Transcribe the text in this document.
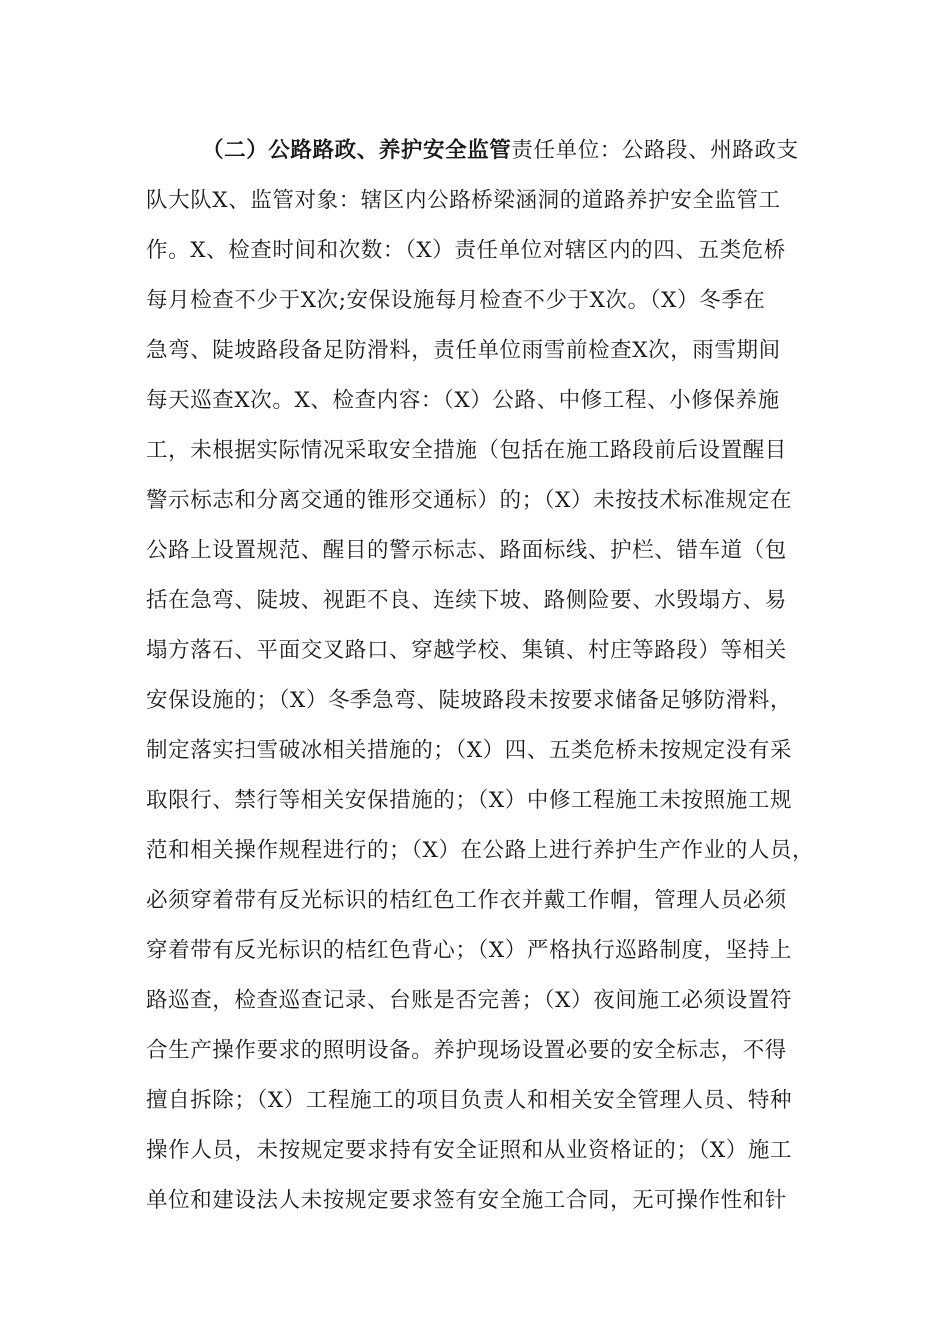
（二）公路路政、养护安全监管责任单位：公路段、州路政支
队大队X、监管对象：辖区内公路桥梁涵洞的道路养护安全监管工
作。X、检查时间和次数：（X）责任单位对辖区内的四、五类危桥
每月检查不少于X次;安保设施每月检查不少于X次。（X）冬季在
急弯、陡坡路段备足防滑料，责任单位雨雪前检查X次，雨雪期间
每天巡查X次。X、检查内容：（X）公路、中修工程、小修保养施
工，未根据实际情况采取安全措施（包括在施工路段前后设置醒目
警示标志和分离交通的锥形交通标）的；（X）未按技术标准规定在
公路上设置规范、醒目的警示标志、路面标线、护栏、错车道（包
括在急弯、陡坡、视距不良、连续下坡、路侧险要、水毁塌方、易
塌方落石、平面交叉路口、穿越学校、集镇、村庄等路段）等相关
安保设施的；（X）冬季急弯、陡坡路段未按要求储备足够防滑料，
制定落实扫雪破冰相关措施的；（X）四、五类危桥未按规定没有采
取限行、禁行等相关安保措施的；（X）中修工程施工未按照施工规
范和相关操作规程进行的；（X）在公路上进行养护生产作业的人员，
必须穿着带有反光标识的桔红色工作衣并戴工作帽，管理人员必须
穿着带有反光标识的桔红色背心；（X）严格执行巡路制度，坚持上
路巡查，检查巡查记录、台账是否完善；（X）夜间施工必须设置符
合生产操作要求的照明设备。养护现场设置必要的安全标志，不得
擅自拆除；（X）工程施工的项目负责人和相关安全管理人员、特种
操作人员，未按规定要求持有安全证照和从业资格证的；（X）施工
单位和建设法人未按规定要求签有安全施工合同，无可操作性和针
